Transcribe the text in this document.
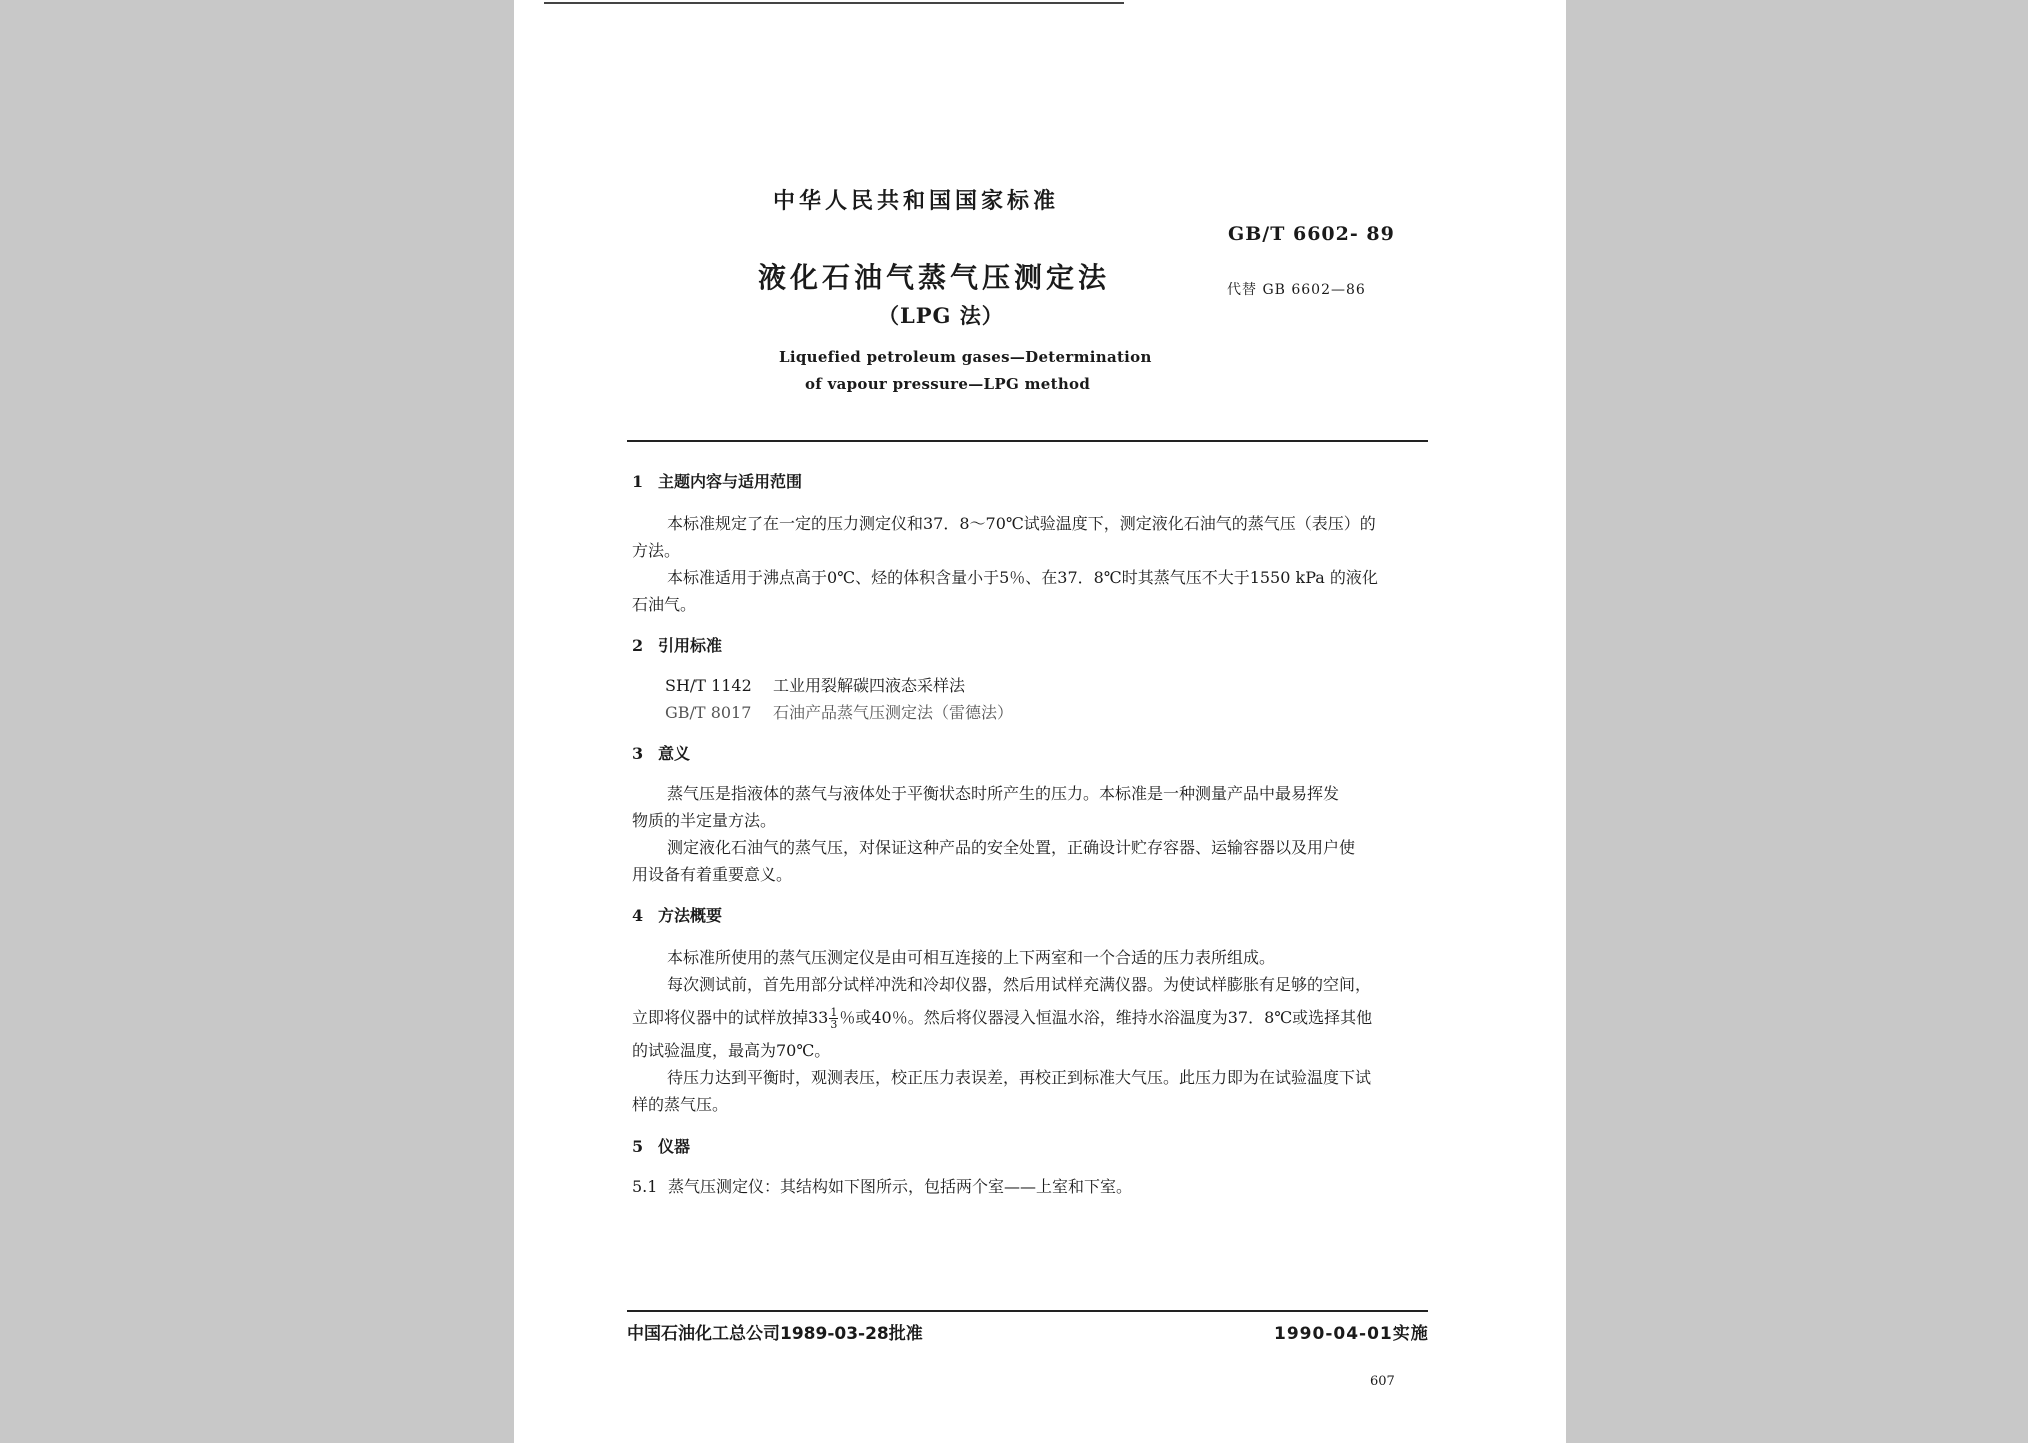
中华人民共和国国家标准
GB/T 6602- 89
代替 GB 6602—86
液化石油气蒸气压测定法
（LPG 法）
Liquefied petroleum gases—Determination
of vapour pressure—LPG method
1 主题内容与适用范围
本标准规定了在一定的压力测定仪和37．8～70℃试验温度下，测定液化石油气的蒸气压（表压）的
方法。
本标准适用于沸点高于0℃、烃的体积含量小于5％、在37．8℃时其蒸气压不大于1550 kPa 的液化
石油气。
2 引用标准
SH/T 1142 工业用裂解碳四液态采样法
GB/T 8017 石油产品蒸气压测定法（雷德法）
3 意义
蒸气压是指液体的蒸气与液体处于平衡状态时所产生的压力。本标准是一种测量产品中最易挥发
物质的半定量方法。
测定液化石油气的蒸气压，对保证这种产品的安全处置，正确设计贮存容器、运输容器以及用户使
用设备有着重要意义。
4 方法概要
本标准所使用的蒸气压测定仪是由可相互连接的上下两室和一个合适的压力表所组成。
每次测试前，首先用部分试样冲洗和冷却仪器，然后用试样充满仪器。为使试样膨胀有足够的空间，
立即将仪器中的试样放掉$33 \frac{1}{3}$ ％或40％。然后将仪器浸入恒温水浴，维持水浴温度为37．8℃或选择其他
的试验温度，最高为70℃。
待压力达到平衡时，观测表压，校正压力表误差，再校正到标准大气压。此压力即为在试验温度下试
样的蒸气压。
5 仪器
5.1 蒸气压测定仪：其结构如下图所示，包括两个室——上室和下室。
中国石油化工总公司1989-03-28批准	1990-04-01实施
607
